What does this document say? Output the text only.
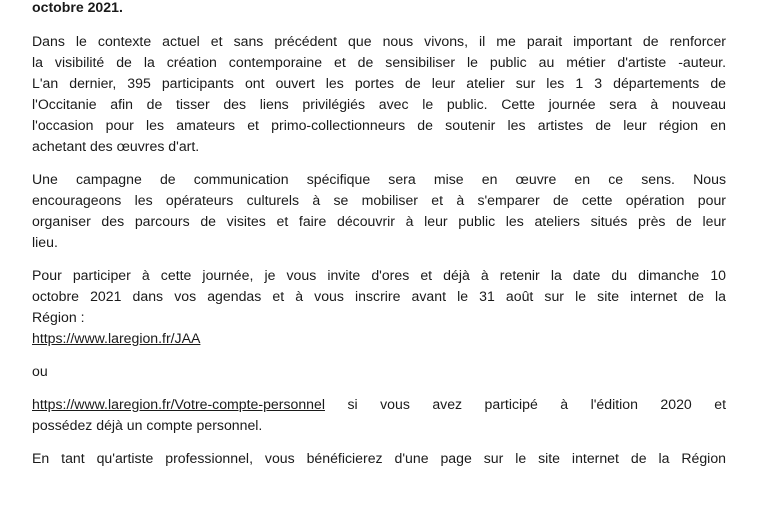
octobre 2021.
Dans le contexte actuel et sans précédent que nous vivons, il me parait important de renforcer
la visibilité de la création contemporaine et de sensibiliser le public au métier d'artiste -auteur.
L'an dernier, 395 participants ont ouvert les portes de leur atelier sur les 1 3 départements de
l'Occitanie afin de tisser des liens privilégiés avec le public. Cette journée sera à nouveau
l'occasion pour les amateurs et primo-collectionneurs de soutenir les artistes de leur région en
achetant des œuvres d'art.
Une campagne de communication spécifique sera mise en œuvre en ce sens. Nous
encourageons les opérateurs culturels à se mobiliser et à s'emparer de cette opération pour
organiser des parcours de visites et faire découvrir à leur public les ateliers situés près de leur
lieu.
Pour participer à cette journée, je vous invite d'ores et déjà à retenir la date du dimanche 10
octobre 2021 dans vos agendas et à vous inscrire avant le 31 août sur le site internet de la
Région :
https://www.laregion.fr/JAA
ou
https://www.laregion.fr/Votre-compte-personnel si vous avez participé à l'édition 2020 et
possédez déjà un compte personnel.
En tant qu'artiste professionnel, vous bénéficierez d'une page sur le site internet de la Région
